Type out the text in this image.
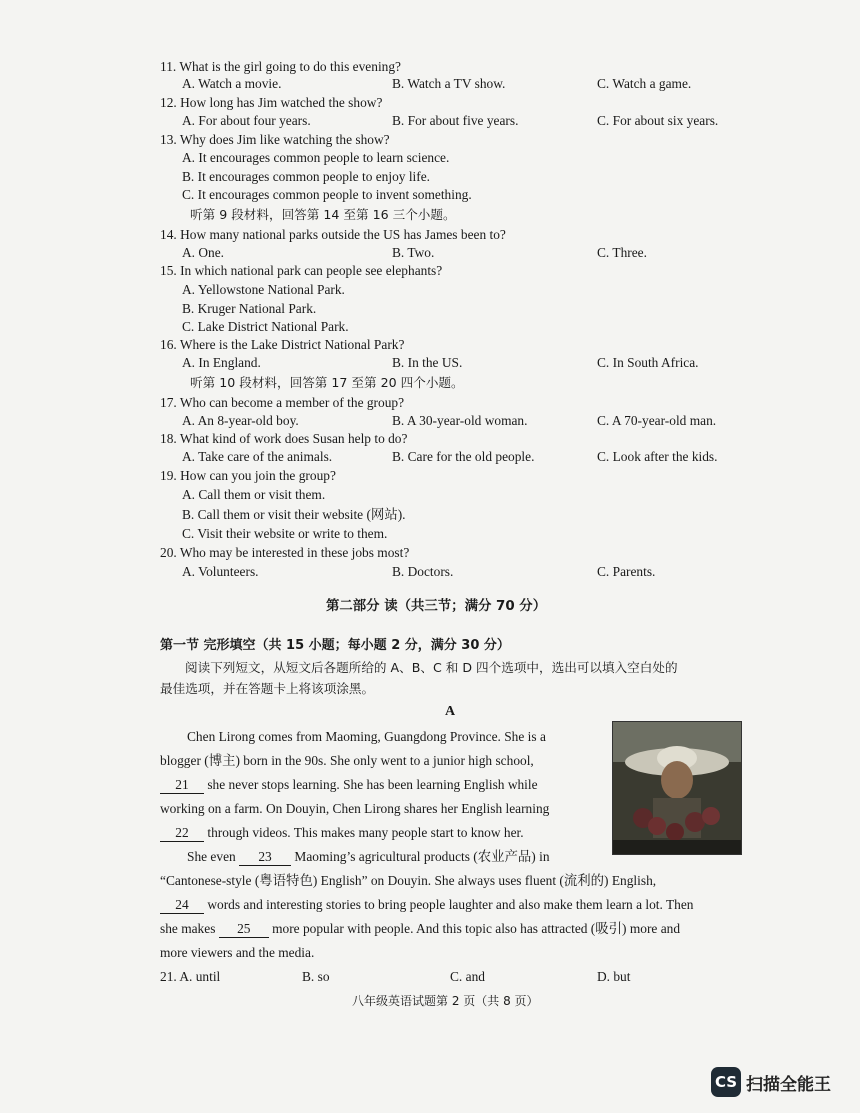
11. What is the girl going to do this evening?
A. Watch a movie.	B. Watch a TV show.	C. Watch a game.
12. How long has Jim watched the show?
A. For about four years.	B. For about five years.	C. For about six years.
13. Why does Jim like watching the show?
A. It encourages common people to learn science.
B. It encourages common people to enjoy life.
C. It encourages common people to invent something.
听第 9 段材料，回答第 14 至第 16 三个小题。
14. How many national parks outside the US has James been to?
A. One.	B. Two.	C. Three.
15. In which national park can people see elephants?
A. Yellowstone National Park.
B. Kruger National Park.
C. Lake District National Park.
16. Where is the Lake District National Park?
A. In England.	B. In the US.	C. In South Africa.
听第 10 段材料，回答第 17 至第 20 四个小题。
17. Who can become a member of the group?
A. An 8-year-old boy.	B. A 30-year-old woman.	C. A 70-year-old man.
18. What kind of work does Susan help to do?
A. Take care of the animals.	B. Care for the old people.	C. Look after the kids.
19. How can you join the group?
A. Call them or visit them.
B. Call them or visit their website (网站).
C. Visit their website or write to them.
20. Who may be interested in these jobs most?
A. Volunteers.	B. Doctors.	C. Parents.
第二部分 读（共三节；满分 70 分）
第一节 完形填空（共 15 小题；每小题 2 分，满分 30 分）
阅读下列短文，从短文后各题所给的 A、B、C 和 D 四个选项中，选出可以填入空白处的
最佳选项，并在答题卡上将该项涂黑。
A
Chen Lirong comes from Maoming, Guangdong Province. She is a
blogger (博主) born in the 90s. She only went to a junior high school,
21 she never stops learning. She has been learning English while
working on a farm. On Douyin, Chen Lirong shares her English learning
22 through videos. This makes many people start to know her.
She even 23 Maoming’s agricultural products (农业产品) in
“Cantonese-style (粤语特色) English” on Douyin. She always uses fluent (流利的) English,
24 words and interesting stories to bring people laughter and also make them learn a lot. Then
she makes 25 more popular with people. And this topic also has attracted (吸引) more and
more viewers and the media.
21. A. until	B. so	C. and	D. but
八年级英语试题第 2 页（共 8 页）
CS 扫描全能王
